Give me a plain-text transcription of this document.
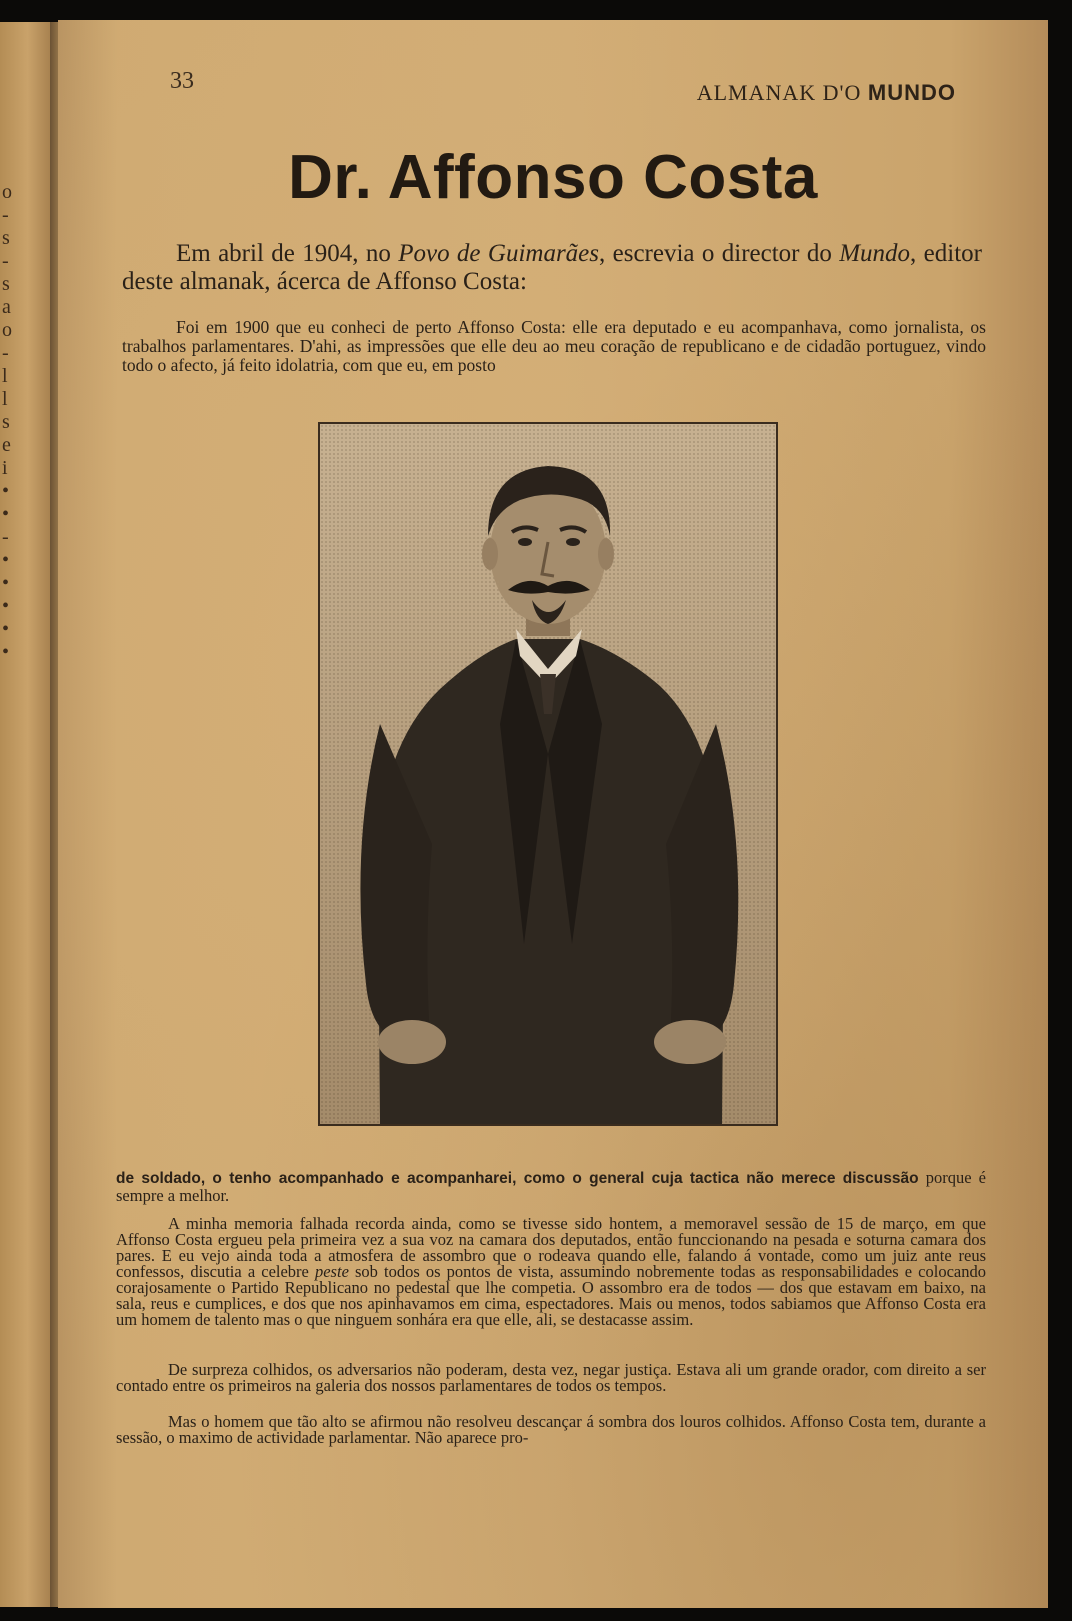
o
-
s
-
s
a
o
-
l
l
s
e
i
•
•
-
•
•
•
•
•
33	ALMANAK D'O MUNDO
Dr. Affonso Costa

Em abril de 1904, no Povo de Guimarães, escrevia o director do Mundo, editor deste almanak, ácerca de Affonso Costa:

Foi em 1900 que eu conheci de perto Affonso Costa: elle era deputado e eu acompanhava, como jornalista, os trabalhos parlamentares. D'ahi, as impressões que elle deu ao meu coração de republicano e de cidadão portuguez, vindo todo o afecto, já feito idolatria, com que eu, em posto

de soldado, o tenho acompanhado e acompanharei, como o general cuja tactica não merece discussão porque é sempre a melhor.

A minha memoria falhada recorda ainda, como se tivesse sido hontem, a memoravel sessão de 15 de março, em que Affonso Costa ergueu pela primeira vez a sua voz na camara dos deputados, então funccionando na pesada e soturna camara dos pares. E eu vejo ainda toda a atmosfera de assombro que o rodeava quando elle, falando á vontade, como um juiz ante reus confessos, discutia a celebre peste sob todos os pontos de vista, assumindo nobremente todas as responsabilidades e colocando corajosamente o Partido Republicano no pedestal que lhe competia. O assombro era de todos — dos que estavam em baixo, na sala, reus e cumplices, e dos que nos apinhavamos em cima, espectadores. Mais ou menos, todos sabiamos que Affonso Costa era um homem de talento mas o que ninguem sonhára era que elle, ali, se destacasse assim.

De surpreza colhidos, os adversarios não poderam, desta vez, negar justiça. Estava ali um grande orador, com direito a ser contado entre os primeiros na galeria dos nossos parlamentares de todos os tempos.

Mas o homem que tão alto se afirmou não resolveu descançar á sombra dos louros colhidos. Affonso Costa tem, durante a sessão, o maximo de actividade parlamentar. Não aparece pro-
